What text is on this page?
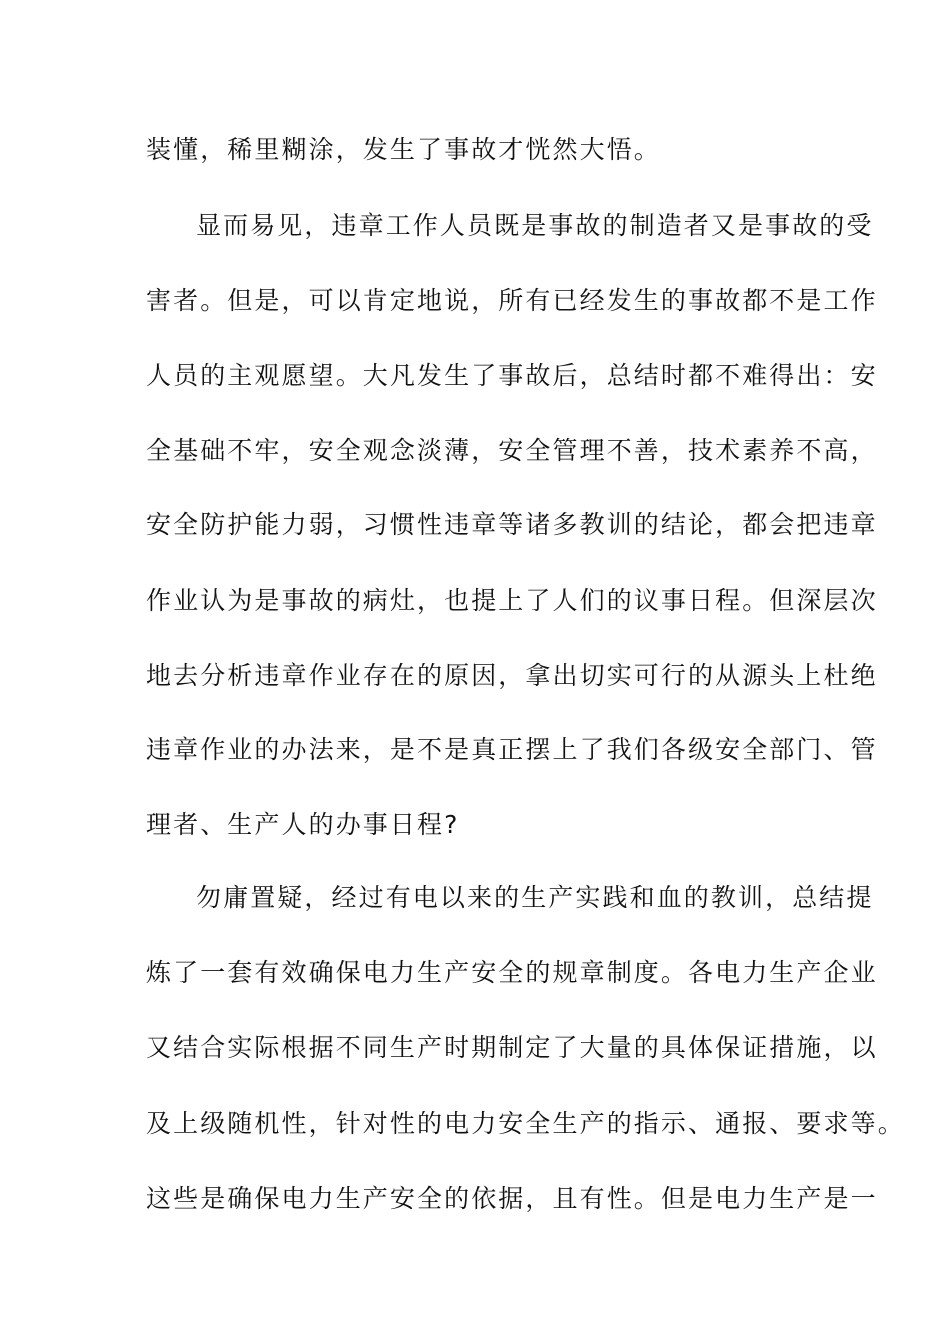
装懂，稀里糊涂，发生了事故才恍然大悟。
显而易见，违章工作人员既是事故的制造者又是事故的受
害者。但是，可以肯定地说，所有已经发生的事故都不是工作
人员的主观愿望。大凡发生了事故后，总结时都不难得出：安
全基础不牢，安全观念淡薄，安全管理不善，技术素养不高，
安全防护能力弱，习惯性违章等诸多教训的结论，都会把违章
作业认为是事故的病灶，也提上了人们的议事日程。但深层次
地去分析违章作业存在的原因，拿出切实可行的从源头上杜绝
违章作业的办法来，是不是真正摆上了我们各级安全部门、管
理者、生产人的办事日程?
勿庸置疑，经过有电以来的生产实践和血的教训，总结提
炼了一套有效确保电力生产安全的规章制度。各电力生产企业
又结合实际根据不同生产时期制定了大量的具体保证措施，以
及上级随机性，针对性的电力安全生产的指示、通报、要求等。
这些是确保电力生产安全的依据，且有性。但是电力生产是一
